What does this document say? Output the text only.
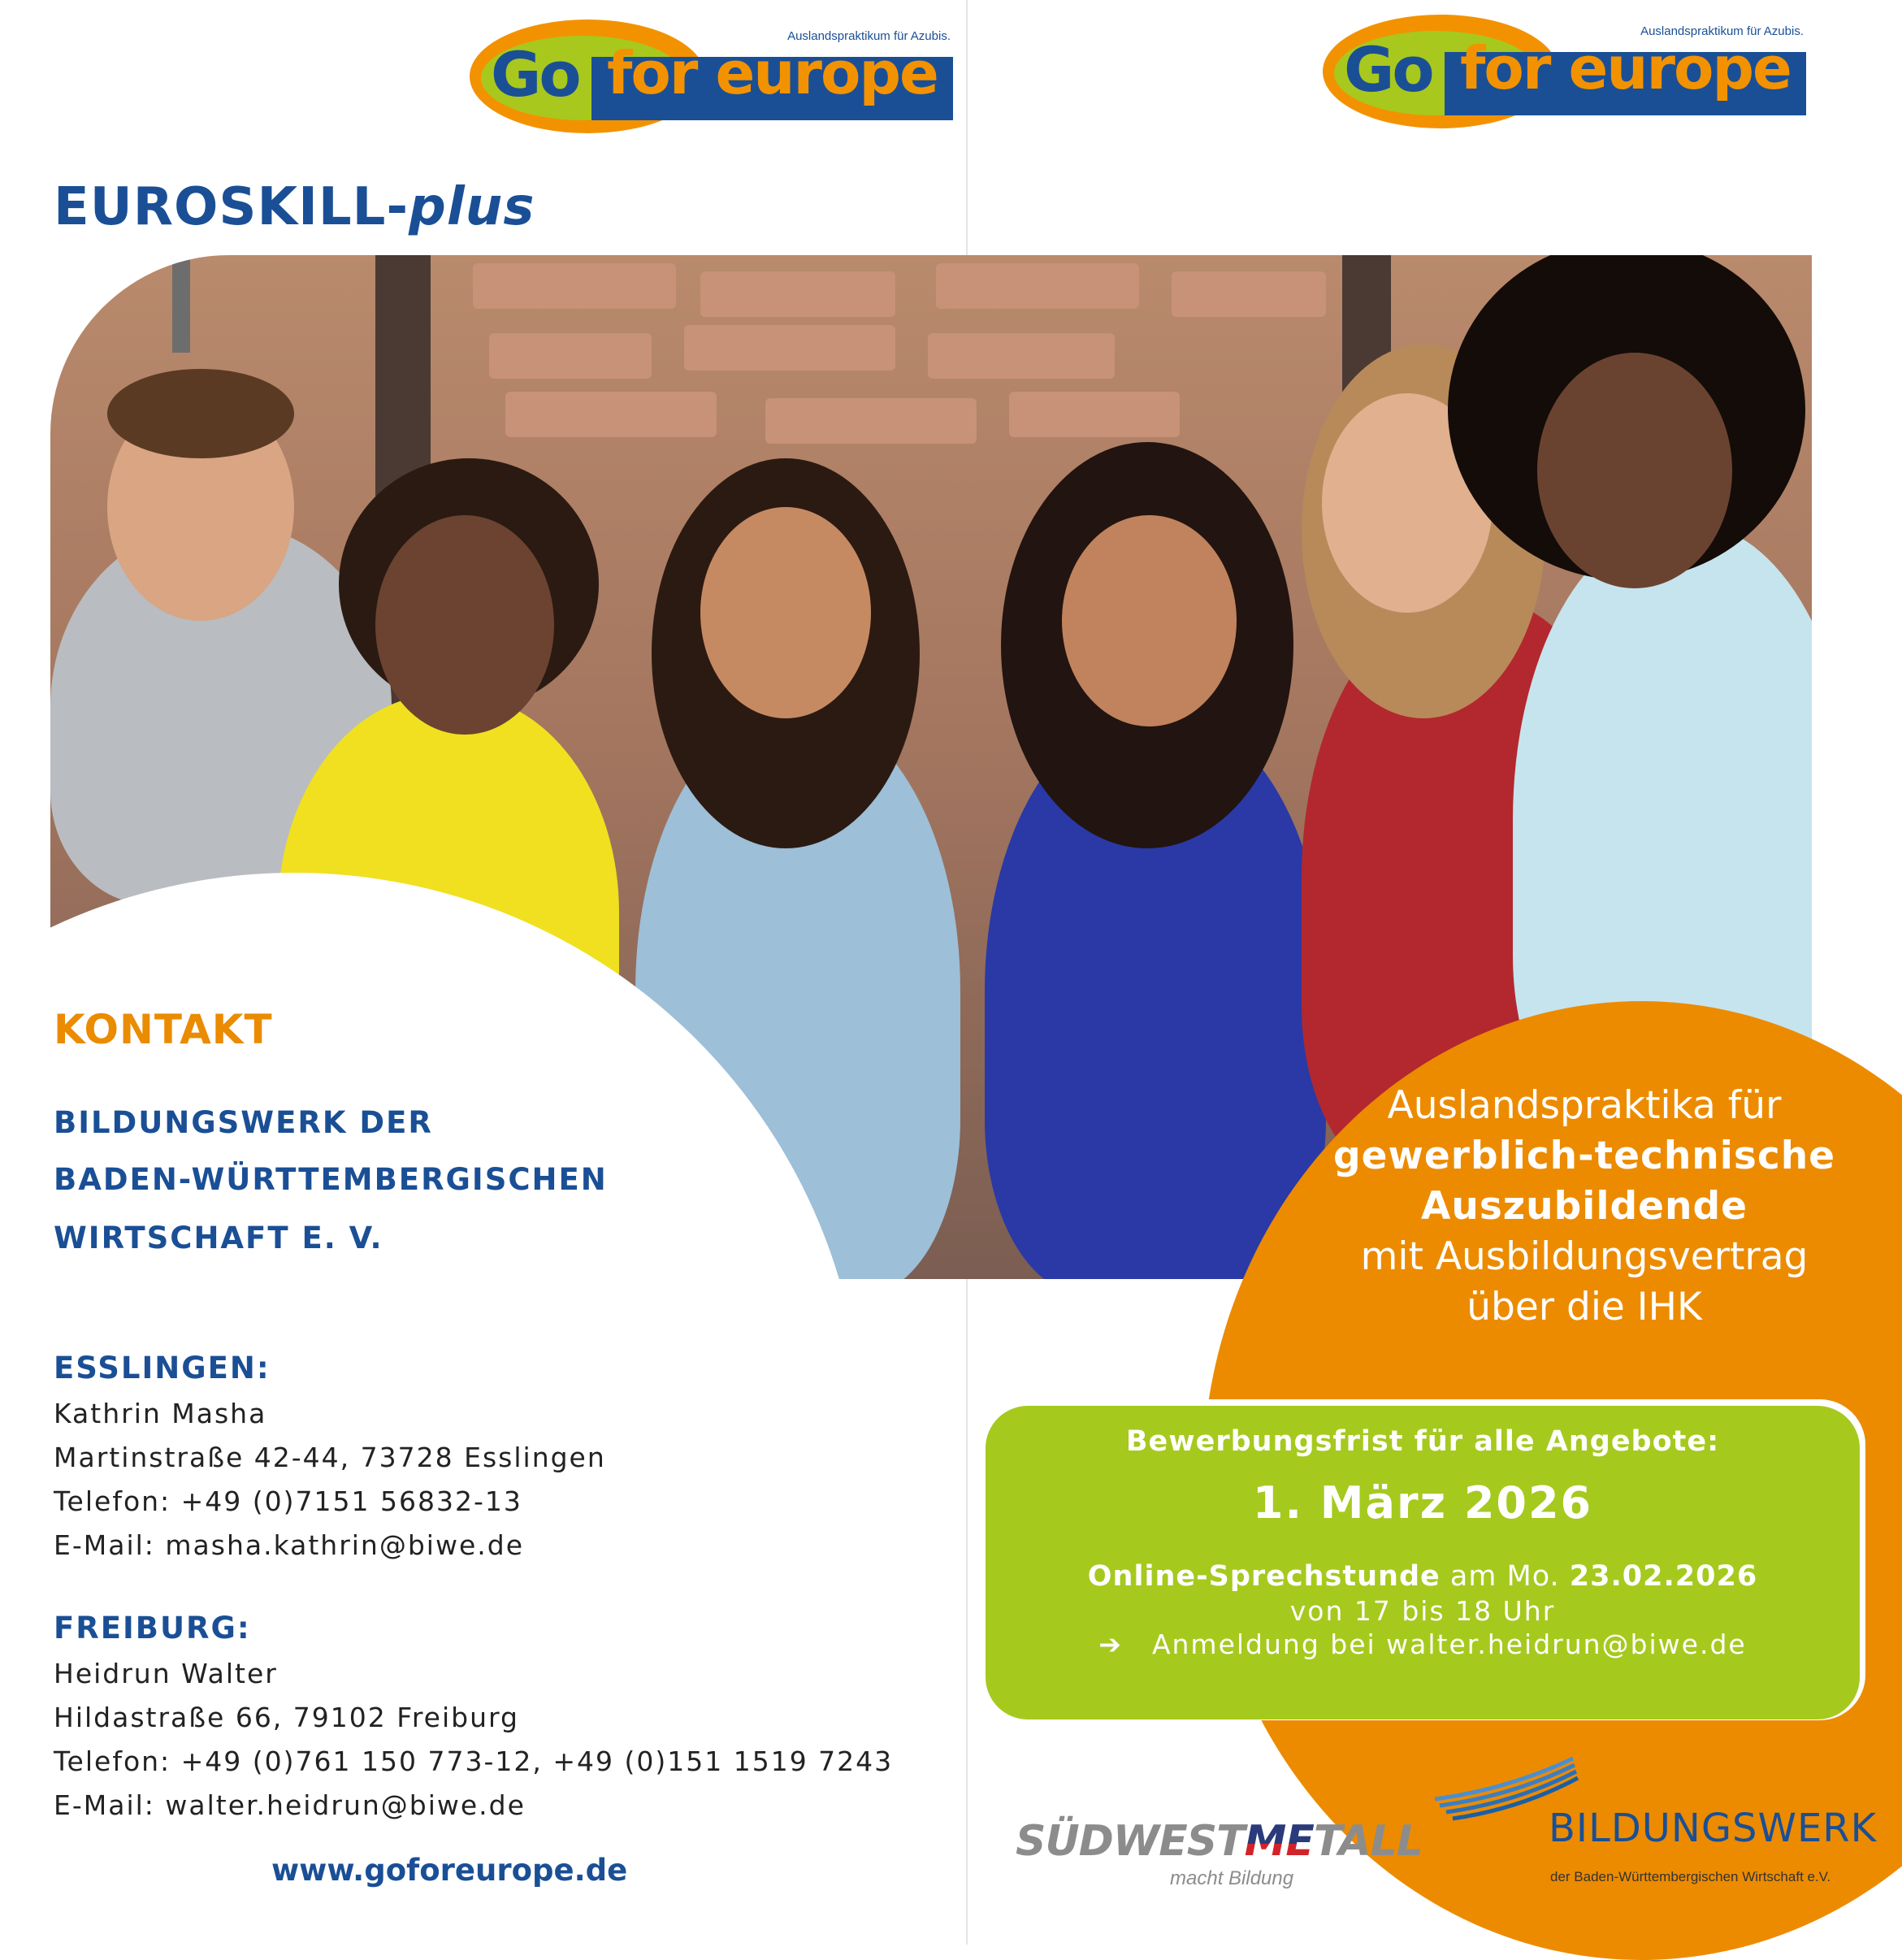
Go for europe
Auslandspraktikum für Azubis.	Go for europe
Auslandspraktikum für Azubis.
EUROSKILL-plus
KONTAKT
BILDUNGSWERK DER
BADEN-WÜRTTEMBERGISCHEN
WIRTSCHAFT E. V.
ESSLINGEN:
Kathrin Masha
Martinstraße 42-44, 73728 Esslingen
Telefon: +49 (0)7151 56832-13
E-Mail: masha.kathrin@biwe.de
FREIBURG:
Heidrun Walter
Hildastraße 66, 79102 Freiburg
Telefon: +49 (0)761 150 773-12, +49 (0)151 1519 7243
E-Mail: walter.heidrun@biwe.de
www.goforeurope.de
Auslandspraktika für
gewerblich-technische
Auszubildende
mit Ausbildungsvertrag
über die IHK
Bewerbungsfrist für alle Angebote:
1. März 2026
Online-Sprechstunde am Mo. 23.02.2026
von 17 bis 18 Uhr
➔ Anmeldung bei walter.heidrun@biwe.de
SÜDWESTMETALL
macht Bildung
BILDUNGSWERK
der Baden-Württembergischen Wirtschaft e.V.
